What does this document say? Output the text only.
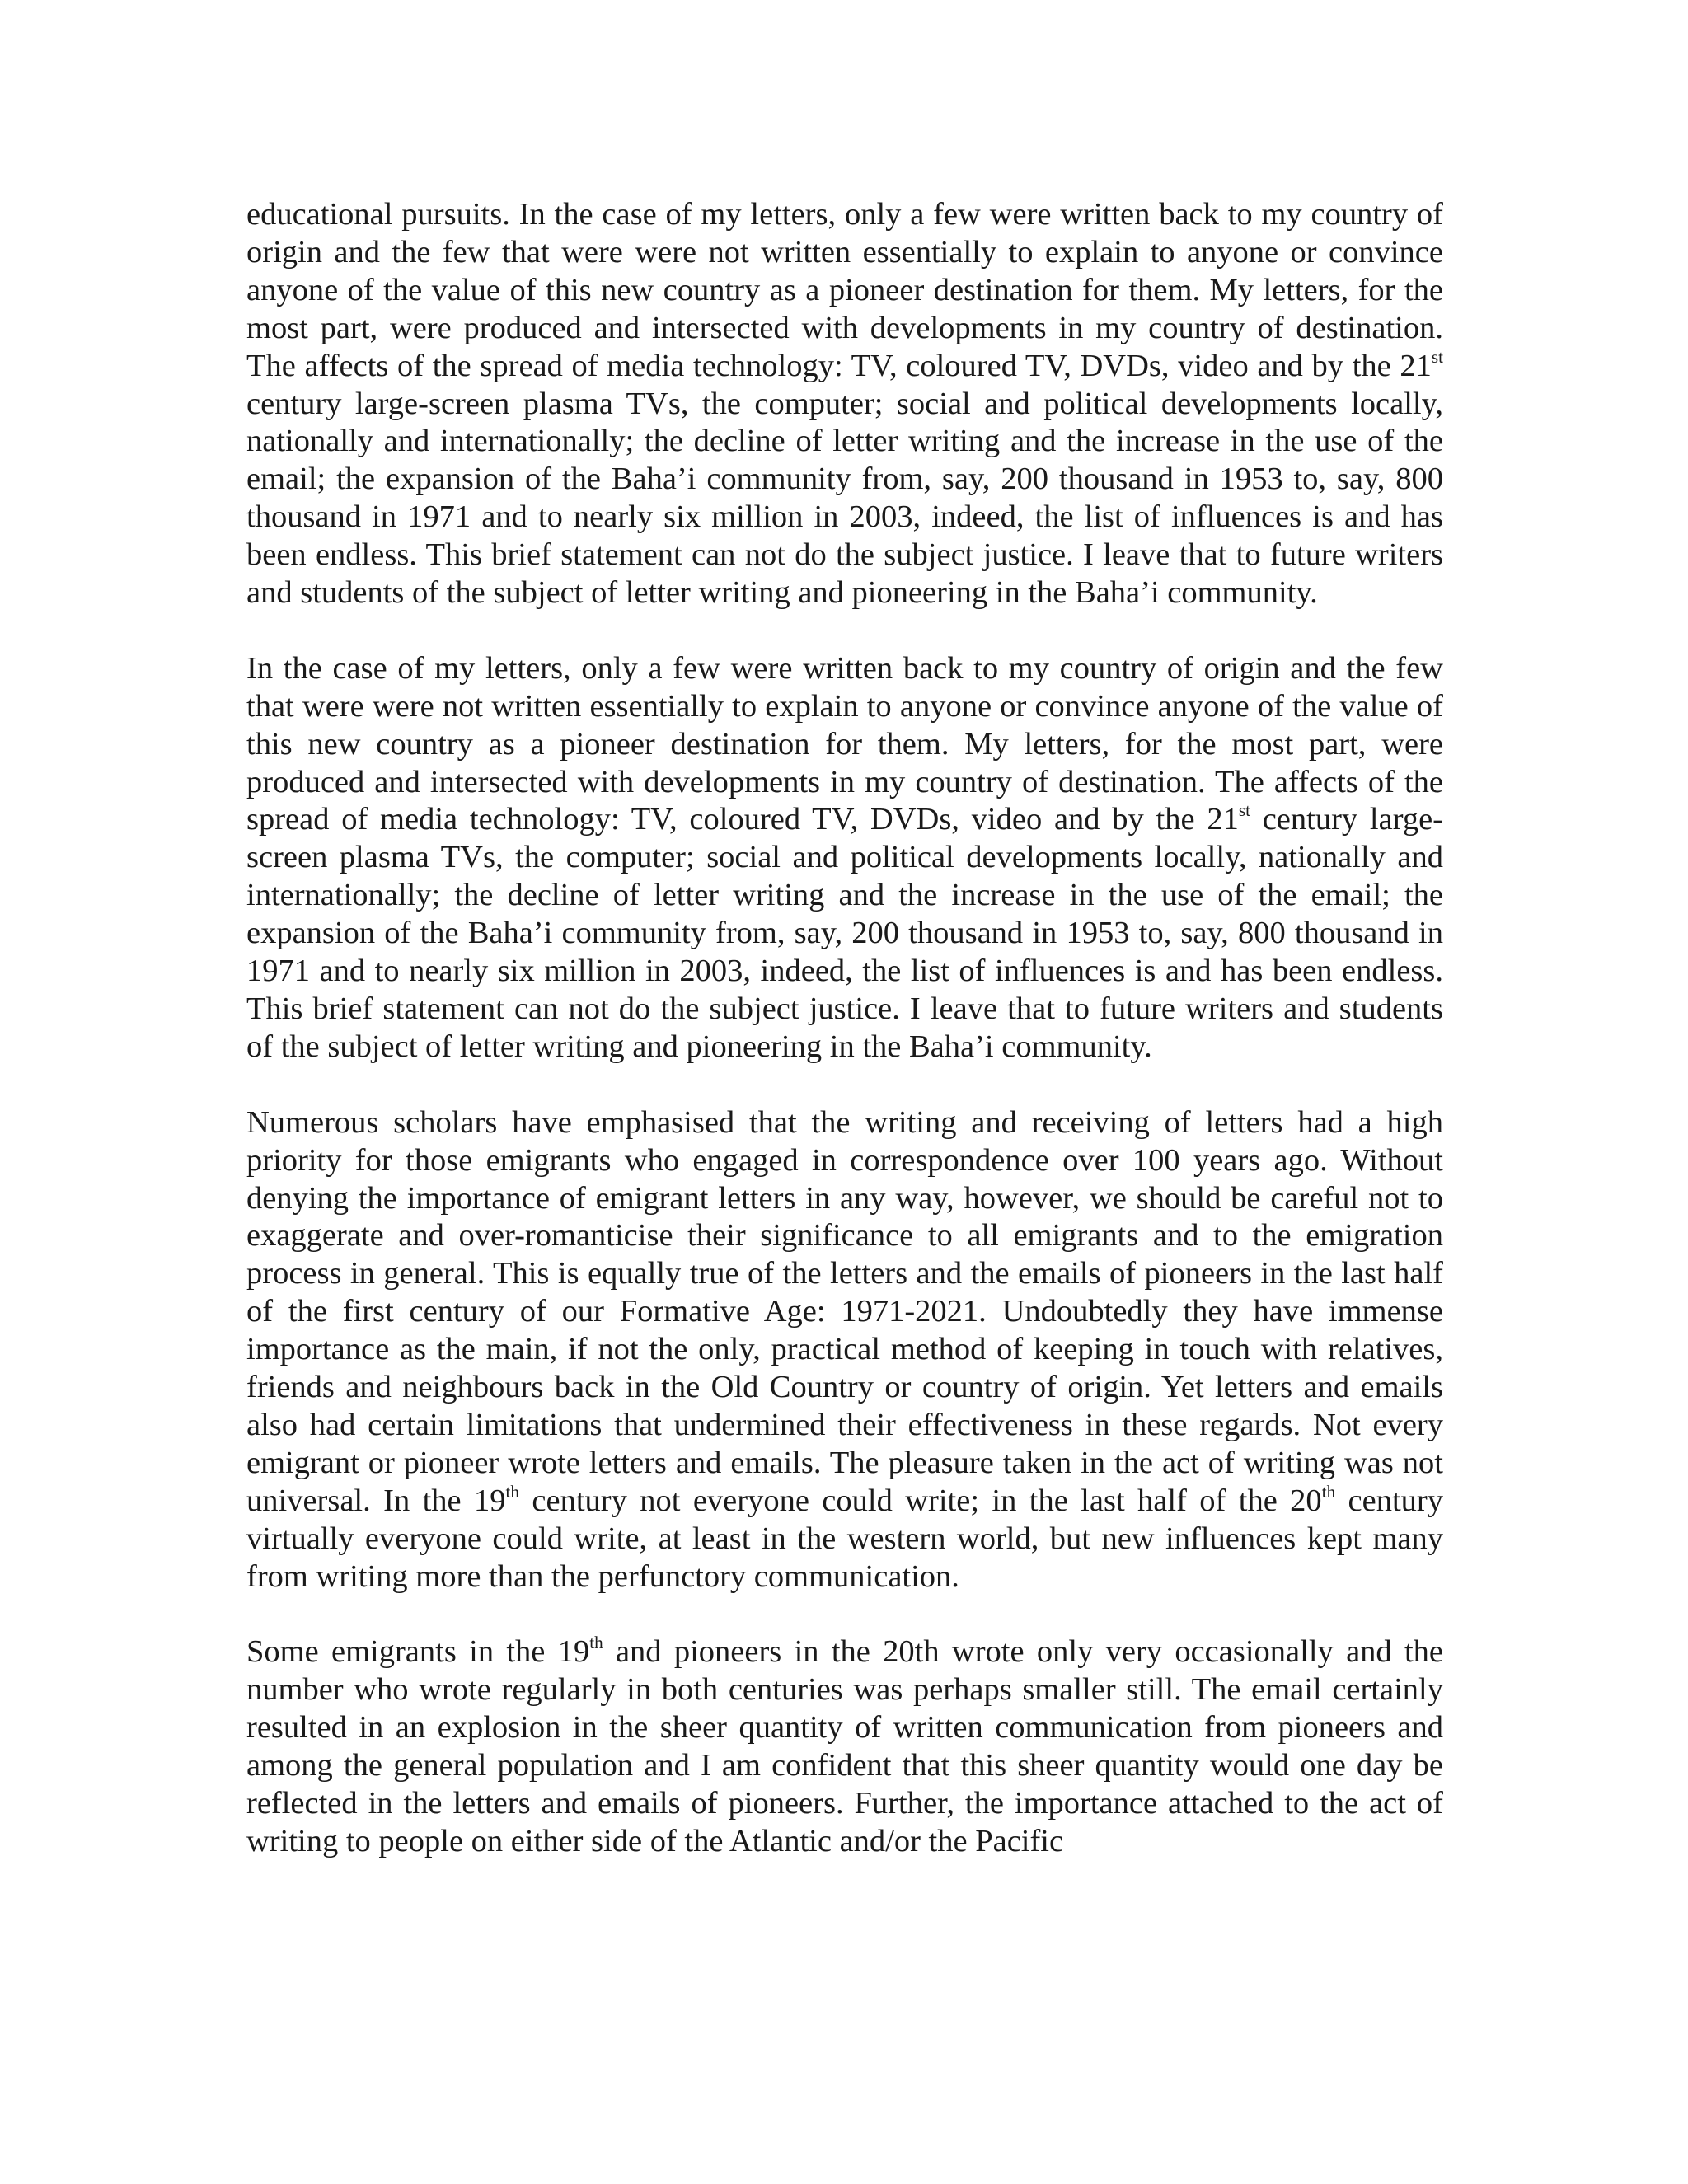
educational pursuits. In the case of my letters, only a few were written back to my country of origin and the few that were were not written essentially to explain to anyone or convince anyone of the value of this new country as a pioneer destination for them. My letters, for the most part, were produced and intersected with developments in my country of destination. The affects of the spread of media technology: TV, coloured TV, DVDs, video and by the 21st century large-screen plasma TVs, the computer; social and political developments locally, nationally and internationally; the decline of letter writing and the increase in the use of the email; the expansion of the Baha’i community from, say, 200 thousand in 1953 to, say, 800 thousand in 1971 and to nearly six million in 2003, indeed, the list of influences is and has been endless. This brief statement can not do the subject justice. I leave that to future writers and students of the subject of letter writing and pioneering in the Baha’i community.

In the case of my letters, only a few were written back to my country of origin and the few that were were not written essentially to explain to anyone or convince anyone of the value of this new country as a pioneer destination for them. My letters, for the most part, were produced and intersected with developments in my country of destination. The affects of the spread of media technology: TV, coloured TV, DVDs, video and by the 21st century large-screen plasma TVs, the computer; social and political developments locally, nationally and internationally; the decline of letter writing and the increase in the use of the email; the expansion of the Baha’i community from, say, 200 thousand in 1953 to, say, 800 thousand in 1971 and to nearly six million in 2003, indeed, the list of influences is and has been endless. This brief statement can not do the subject justice. I leave that to future writers and students of the subject of letter writing and pioneering in the Baha’i community.

Numerous scholars have emphasised that the writing and receiving of letters had a high priority for those emigrants who engaged in correspondence over 100 years ago. Without denying the importance of emigrant letters in any way, however, we should be careful not to exaggerate and over-romanticise their significance to all emigrants and to the emigration process in general. This is equally true of the letters and the emails of pioneers in the last half of the first century of our Formative Age: 1971-2021. Undoubtedly they have immense importance as the main, if not the only, practical method of keeping in touch with relatives, friends and neighbours back in the Old Country or country of origin. Yet letters and emails also had certain limitations that undermined their effectiveness in these regards. Not every emigrant or pioneer wrote letters and emails. The pleasure taken in the act of writing was not universal. In the 19th century not everyone could write; in the last half of the 20th century virtually everyone could write, at least in the western world, but new influences kept many from writing more than the perfunctory communication.

Some emigrants in the 19th and pioneers in the 20th wrote only very occasionally and the number who wrote regularly in both centuries was perhaps smaller still. The email certainly resulted in an explosion in the sheer quantity of written communication from pioneers and among the general population and I am confident that this sheer quantity would one day be reflected in the letters and emails of pioneers. Further, the importance attached to the act of writing to people on either side of the Atlantic and/or the Pacific
